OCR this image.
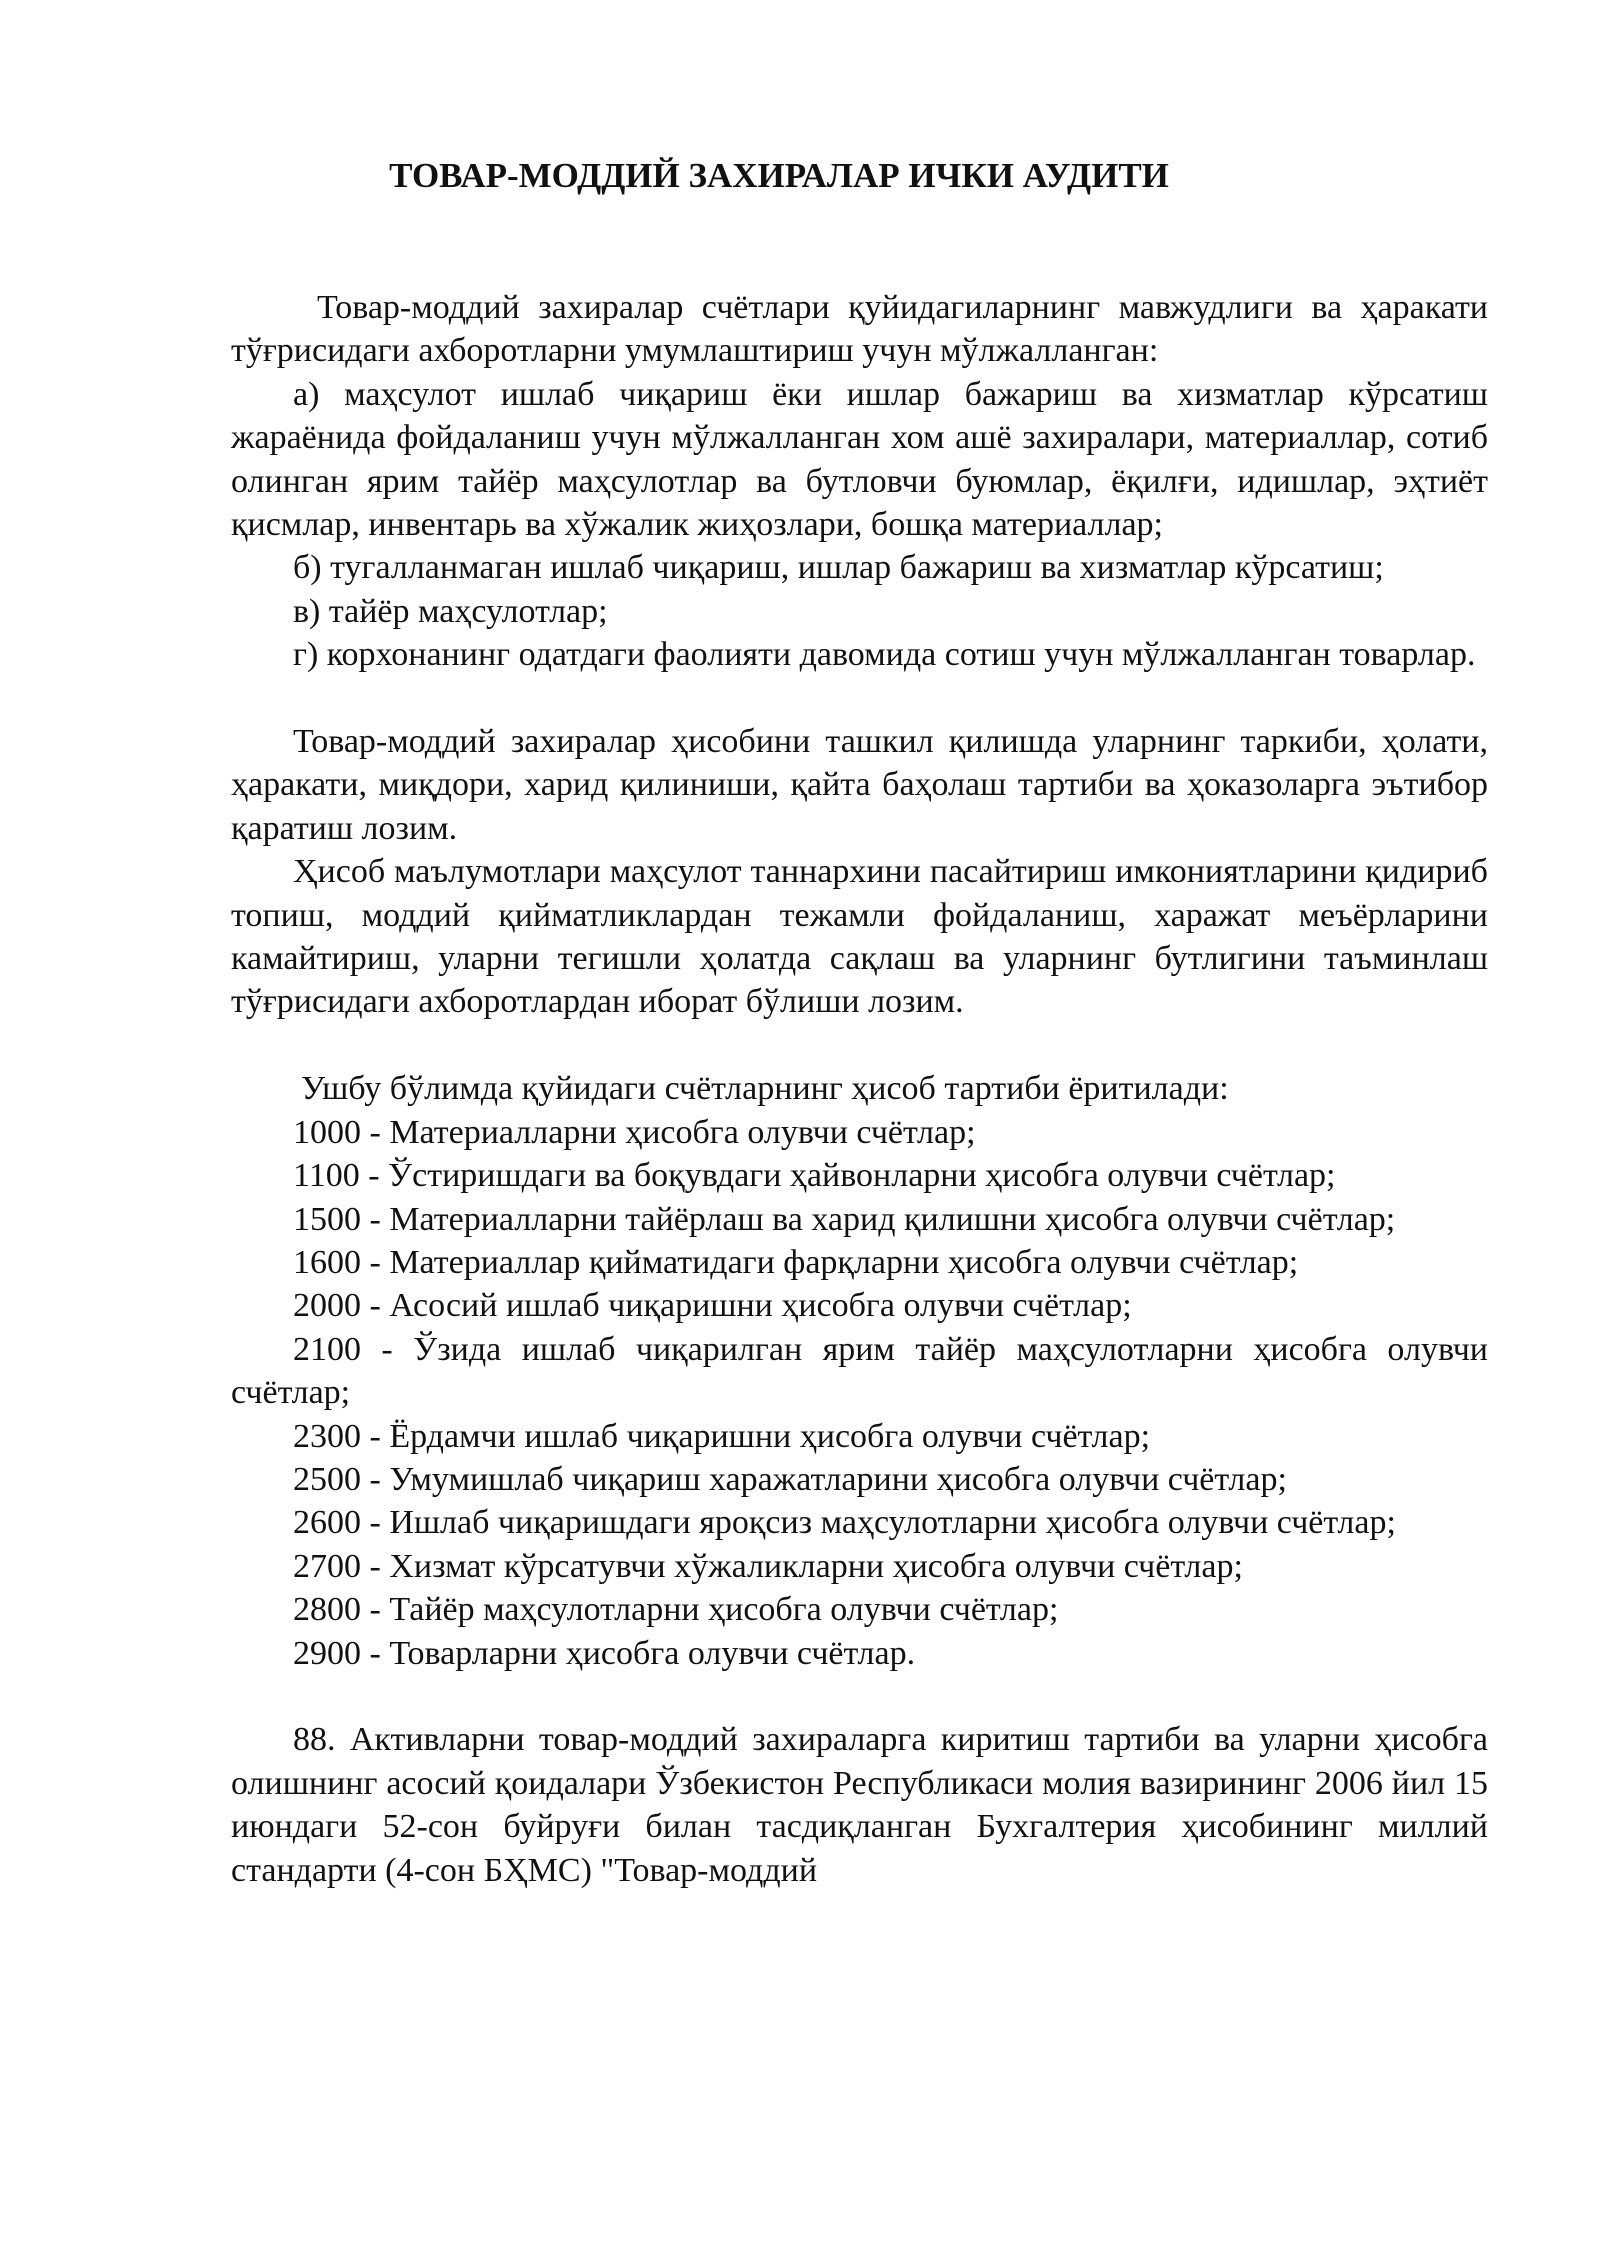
ТОВАР-МОДДИЙ ЗАХИРАЛАР ИЧКИ АУДИТИ

Товар-моддий захиралар счётлари қуйидагиларнинг мавжудлиги ва ҳаракати тўғрисидаги ахборотларни умумлаштириш учун мўлжалланган:

а) маҳсулот ишлаб чиқариш ёки ишлар бажариш ва хизматлар кўрсатиш жараёнида фойдаланиш учун мўлжалланган хом ашё захиралари, материаллар, сотиб олинган ярим тайёр маҳсулотлар ва бутловчи буюмлар, ёқилғи, идишлар, эҳтиёт қисмлар, инвентарь ва хўжалик жиҳозлари, бошқа материаллар;

б) тугалланмаган ишлаб чиқариш, ишлар бажариш ва хизматлар кўрсатиш;

в) тайёр маҳсулотлар;

г) корхонанинг одатдаги фаолияти давомида сотиш учун мўлжалланган товарлар.

Товар-моддий захиралар ҳисобини ташкил қилишда уларнинг таркиби, ҳолати, ҳаракати, миқдори, харид қилиниши, қайта баҳолаш тартиби ва ҳоказоларга эътибор қаратиш лозим.

Ҳисоб маълумотлари маҳсулот таннархини пасайтириш имкониятларини қидириб топиш, моддий қийматликлардан тежамли фойдаланиш, харажат меъёрларини камайтириш, уларни тегишли ҳолатда сақлаш ва уларнинг бутлигини таъминлаш тўғрисидаги ахборотлардан иборат бўлиши лозим.

Ушбу бўлимда қуйидаги счётларнинг ҳисоб тартиби ёритилади:

1000 - Материалларни ҳисобга олувчи счётлар;

1100 - Ўстиришдаги ва боқувдаги ҳайвонларни ҳисобга олувчи счётлар;

1500 - Материалларни тайёрлаш ва харид қилишни ҳисобга олувчи счётлар;

1600 - Материаллар қийматидаги фарқларни ҳисобга олувчи счётлар;

2000 - Асосий ишлаб чиқаришни ҳисобга олувчи счётлар;

2100 - Ўзида ишлаб чиқарилган ярим тайёр маҳсулотларни ҳисобга олувчи счётлар;

2300 - Ёрдамчи ишлаб чиқаришни ҳисобга олувчи счётлар;

2500 - Умумишлаб чиқариш харажатларини ҳисобга олувчи счётлар;

2600 - Ишлаб чиқаришдаги яроқсиз маҳсулотларни ҳисобга олувчи счётлар;

2700 - Хизмат кўрсатувчи хўжаликларни ҳисобга олувчи счётлар;

2800 - Тайёр маҳсулотларни ҳисобга олувчи счётлар;

2900 - Товарларни ҳисобга олувчи счётлар.

88. Активларни товар-моддий захираларга киритиш тартиби ва уларни ҳисобга олишнинг асосий қоидалари Ўзбекистон Республикаси молия вазирининг 2006 йил 15 июндаги 52-сон буйруғи билан тасдиқланган Бухгалтерия ҳисобининг миллий стандарти (4-сон БҲМС) "Товар-моддий
